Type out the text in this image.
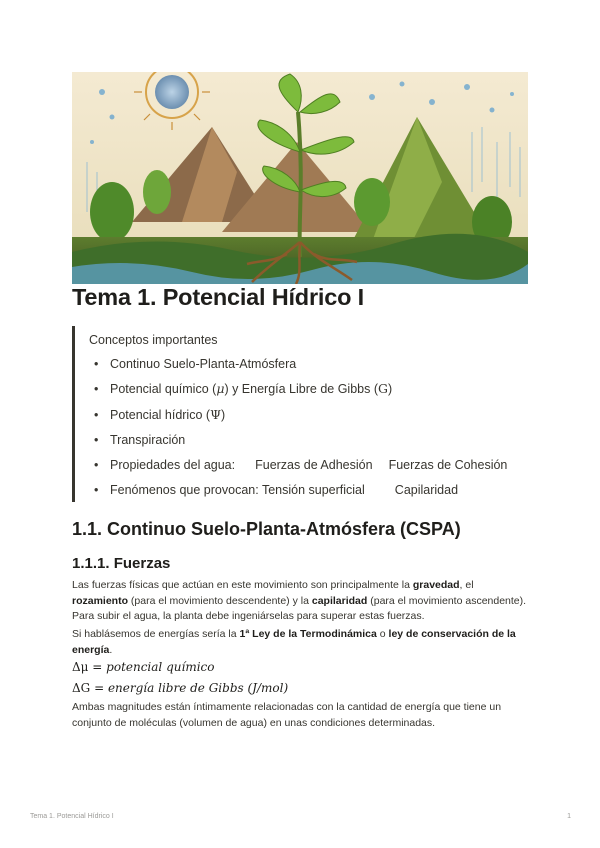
Tema 1. Potencial Hídrico I
Conceptos importantes
• Continuo Suelo-Planta-Atmósfera
• Potencial químico (μ) y Energía Libre de Gibbs (G)
• Potencial hídrico (Ψ)
• Transpiración
• Propiedades del agua: Fuerzas de Adhesión Fuerzas de Cohesión
• Fenómenos que provocan: Tensión superficial Capilaridad
1.1. Continuo Suelo-Planta-Atmósfera (CSPA)
1.1.1. Fuerzas

Las fuerzas físicas que actúan en este movimiento son principalmente la gravedad, el rozamiento (para el movimiento descendente) y la capilaridad (para el movimiento ascendente). Para subir el agua, la planta debe ingeniárselas para superar estas fuerzas.

Si hablásemos de energías sería la 1ª Ley de la Termodinámica o ley de conservación de la energía.

Δμ = potencial químico
ΔG = energía libre de Gibbs (J/mol)

Ambas magnitudes están íntimamente relacionadas con la cantidad de energía que tiene un conjunto de moléculas (volumen de agua) en unas condiciones determinadas.

Tema 1. Potencial Hídrico I	1
